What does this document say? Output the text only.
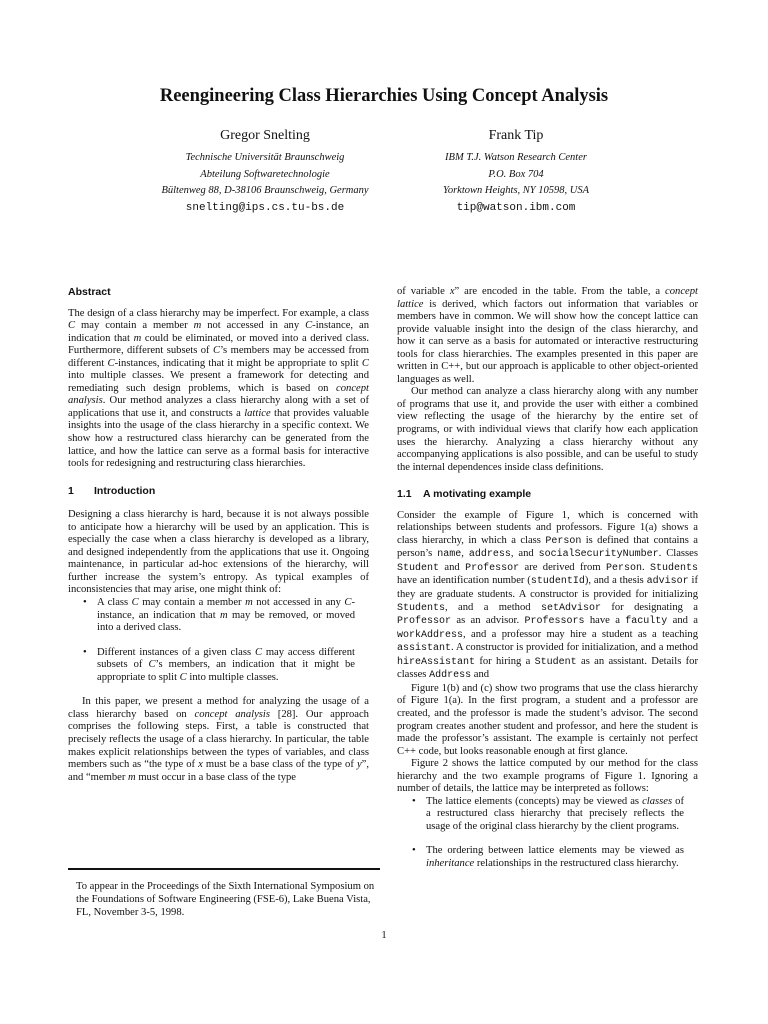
Reengineering Class Hierarchies Using Concept Analysis
Gregor Snelting
Technische Universität Braunschweig
Abteilung Softwaretechnologie
Bültenweg 88, D-38106 Braunschweig, Germany
snelting@ips.cs.tu-bs.de
Frank Tip
IBM T.J. Watson Research Center
P.O. Box 704
Yorktown Heights, NY 10598, USA
tip@watson.ibm.com

Abstract

The design of a class hierarchy may be imperfect. For example, a class C may contain a member m not accessed in any C-instance, an indication that m could be eliminated, or moved into a derived class. Furthermore, different subsets of C’s members may be accessed from different C-instances, indicating that it might be appropriate to split C into multiple classes. We present a framework for detecting and remediating such design problems, which is based on concept analysis. Our method analyzes a class hierarchy along with a set of applications that use it, and constructs a lattice that provides valuable insights into the usage of the class hierarchy in a specific context. We show how a restructured class hierarchy can be generated from the lattice, and how the lattice can serve as a formal basis for interactive tools for redesigning and restructuring class hierarchies.

1 Introduction

Designing a class hierarchy is hard, because it is not always possible to anticipate how a hierarchy will be used by an application. This is especially the case when a class hierarchy is developed as a library, and designed independently from the applications that use it. Ongoing maintenance, in particular ad-hoc extensions of the hierarchy, will further increase the system’s entropy. As typical examples of inconsistencies that may arise, one might think of:

• A class C may contain a member m not accessed in any C-instance, an indication that m may be removed, or moved into a derived class.
• Different instances of a given class C may access different subsets of C’s members, an indication that it might be appropriate to split C into multiple classes.

In this paper, we present a method for analyzing the usage of a class hierarchy based on concept analysis [28]. Our approach comprises the following steps. First, a table is constructed that precisely reflects the usage of a class hierarchy. In particular, the table makes explicit relationships between the types of variables, and class members such as “the type of x must be a base class of the type of y”, and “member m must occur in a base class of the type

of variable x” are encoded in the table. From the table, a concept lattice is derived, which factors out information that variables or members have in common. We will show how the concept lattice can provide valuable insight into the design of the class hierarchy, and how it can serve as a basis for automated or interactive restructuring tools for class hierarchies. The examples presented in this paper are written in C++, but our approach is applicable to other object-oriented languages as well.

Our method can analyze a class hierarchy along with any number of programs that use it, and provide the user with either a combined view reflecting the usage of the hierarchy by the entire set of programs, or with individual views that clarify how each application uses the hierarchy. Analyzing a class hierarchy without any accompanying applications is also possible, and can be useful to study the internal dependences inside class definitions.

1.1 A motivating example

Consider the example of Figure 1, which is concerned with relationships between students and professors. Figure 1(a) shows a class hierarchy, in which a class Person is defined that contains a person’s name, address, and socialSecurityNumber. Classes Student and Professor are derived from Person. Students have an identification number (studentId), and a thesis advisor if they are graduate students. A constructor is provided for initializing Students, and a method setAdvisor for designating a Professor as an advisor. Professors have a faculty and a workAddress, and a professor may hire a student as a teaching assistant. A constructor is provided for initialization, and a method hireAssistant for hiring a Student as an assistant. Details for classes Address and

Figure 1(b) and (c) show two programs that use the class hierarchy of Figure 1(a). In the first program, a student and a professor are created, and the professor is made the student’s advisor. The second program creates another student and professor, and here the student is made the professor’s assistant. The example is certainly not perfect C++ code, but looks reasonable enough at first glance.

Figure 2 shows the lattice computed by our method for the class hierarchy and the two example programs of Figure 1. Ignoring a number of details, the lattice may be interpreted as follows:

• The lattice elements (concepts) may be viewed as classes of a restructured class hierarchy that precisely reflects the usage of the original class hierarchy by the client programs.
• The ordering between lattice elements may be viewed as inheritance relationships in the restructured class hierarchy.
To appear in the Proceedings of the Sixth International Symposium on the Foundations of Software Engineering (FSE-6), Lake Buena Vista, FL, November 3-5, 1998.
1
